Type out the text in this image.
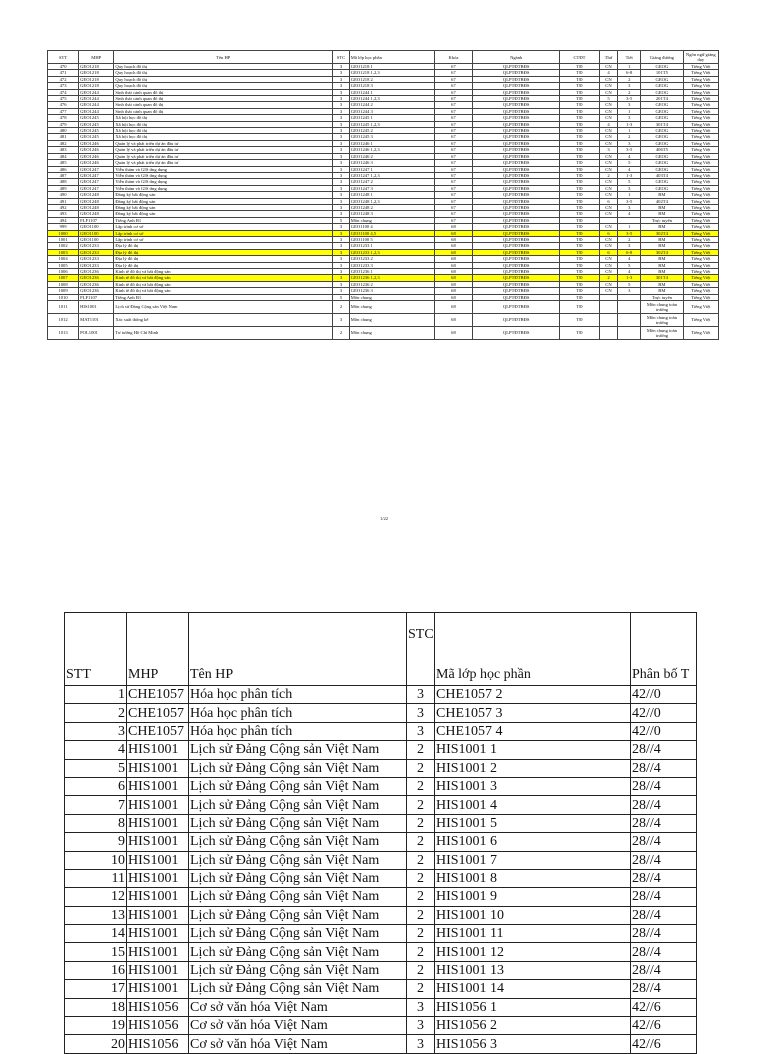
STT	MHP	Tên HP	STC	Mã lớp học phần	Khóa	Ngành	CTĐT	Thứ	Tiết	Giảng đường	Ngôn ngữ giảng dạy
470	GEO1218	Quy hoạch đô thị	3	GEO1218 1	67	QLPTĐTBĐS	TĐ	CN	1	GEOG	Tiếng Việt
471	GEO1218	Quy hoạch đô thị	3	GEO1218 1,2,3	67	QLPTĐTBĐS	TĐ	4	6-8	101T5	Tiếng Việt
472	GEO1218	Quy hoạch đô thị	3	GEO1218 2	67	QLPTĐTBĐS	TĐ	CN	2	GEOG	Tiếng Việt
473	GEO1218	Quy hoạch đô thị	3	GEO1218 3	67	QLPTĐTBĐS	TĐ	CN	3	GEOG	Tiếng Việt
474	GEO1244	Sinh thái cảnh quan đô thị	3	GEO1244 1	67	QLPTĐTBĐS	TĐ	CN	2	GEOG	Tiếng Việt
475	GEO1244	Sinh thái cảnh quan đô thị	3	GEO1244 1,2,3	67	QLPTĐTBĐS	TĐ	5	3-5	201T4	Tiếng Việt
476	GEO1244	Sinh thái cảnh quan đô thị	3	GEO1244 2	67	QLPTĐTBĐS	TĐ	CN	3	GEOG	Tiếng Việt
477	GEO1244	Sinh thái cảnh quan đô thị	3	GEO1244 3	67	QLPTĐTBĐS	TĐ	CN	1	GEOG	Tiếng Việt
478	GEO1245	Xã hội học đô thị	3	GEO1245 1	67	QLPTĐTBĐS	TĐ	CN	3	GEOG	Tiếng Việt
479	GEO1245	Xã hội học đô thị	3	GEO1245 1,2,3	67	QLPTĐTBĐS	TĐ	4	1-3	301T4	Tiếng Việt
480	GEO1245	Xã hội học đô thị	3	GEO1245 2	67	QLPTĐTBĐS	TĐ	CN	1	GEOG	Tiếng Việt
481	GEO1245	Xã hội học đô thị	3	GEO1245 3	67	QLPTĐTBĐS	TĐ	CN	2	GEOG	Tiếng Việt
482	GEO1246	Quản lý và phát triển dự án đầu tư	3	GEO1246 1	67	QLPTĐTBĐS	TĐ	CN	3	GEOG	Tiếng Việt
483	GEO1246	Quản lý và phát triển dự án đầu tư	3	GEO1246 1,2,3	67	QLPTĐTBĐS	TĐ	3	3-5	406T5	Tiếng Việt
484	GEO1246	Quản lý và phát triển dự án đầu tư	3	GEO1246 2	67	QLPTĐTBĐS	TĐ	CN	4	GEOG	Tiếng Việt
485	GEO1246	Quản lý và phát triển dự án đầu tư	3	GEO1246 3	67	QLPTĐTBĐS	TĐ	CN	5	GEOG	Tiếng Việt
486	GEO1247	Viễn thám và GIS ứng dụng	3	GEO1247 1	67	QLPTĐTBĐS	TĐ	CN	4	GEOG	Tiếng Việt
487	GEO1247	Viễn thám và GIS ứng dụng	3	GEO1247 1,2,3	67	QLPTĐTBĐS	TĐ	2	1-3	403T4	Tiếng Việt
488	GEO1247	Viễn thám và GIS ứng dụng	3	GEO1247 2	67	QLPTĐTBĐS	TĐ	CN	5	GEOG	Tiếng Việt
489	GEO1247	Viễn thám và GIS ứng dụng	3	GEO1247 3	67	QLPTĐTBĐS	TĐ	CN	3	GEOG	Tiếng Việt
490	GEO1248	Đăng ký bất động sản	3	GEO1248 1	67	QLPTĐTBĐS	TĐ	CN	1	BM	Tiếng Việt
491	GEO1248	Đăng ký bất động sản	3	GEO1248 1,2,3	67	QLPTĐTBĐS	TĐ	6	3-5	402T4	Tiếng Việt
492	GEO1248	Đăng ký bất động sản	3	GEO1248 2	67	QLPTĐTBĐS	TĐ	CN	3	BM	Tiếng Việt
493	GEO1248	Đăng ký bất động sản	3	GEO1248 3	67	QLPTĐTBĐS	TĐ	CN	4	BM	Tiếng Việt
494	FLF1107	Tiếng Anh B1	5	Môn chung	67	QLPTĐTBĐS	TĐ			Trực tuyến	Tiếng Việt
999	GEO1100	Lập trình cơ sở	3	GEO1100 4	68	QLPTĐTBĐS	TĐ	CN	1	BM	Tiếng Việt
1000	GEO1100	Lập trình cơ sở	3	GEO1100 4,5	68	QLPTĐTBĐS	TĐ	6	3-5	302T4	Tiếng Việt
1001	GEO1100	Lập trình cơ sở	3	GEO1100 5	68	QLPTĐTBĐS	TĐ	CN	2	BM	Tiếng Việt
1002	GEO1233	Địa lý đô thị	3	GEO1233 1	68	QLPTĐTBĐS	TĐ	CN	3	BM	Tiếng Việt
1003	GEO1233	Địa lý đô thị	3	GEO1233 1,2,3	68	QLPTĐTBĐS	TĐ	6	6-8	302T4	Tiếng Việt
1004	GEO1233	Địa lý đô thị	3	GEO1233 2	68	QLPTĐTBĐS	TĐ	CN	4	BM	Tiếng Việt
1005	GEO1233	Địa lý đô thị	3	GEO1233 3	68	QLPTĐTBĐS	TĐ	CN	5	BM	Tiếng Việt
1006	GEO1236	Kinh tế đô thị và bất động sản	3	GEO1236 1	68	QLPTĐTBĐS	TĐ	CN	4	BM	Tiếng Việt
1007	GEO1236	Kinh tế đô thị và bất động sản	3	GEO1236 1,2,3	68	QLPTĐTBĐS	TĐ	2	1-3	301T4	Tiếng Việt
1008	GEO1236	Kinh tế đô thị và bất động sản	3	GEO1236 2	68	QLPTĐTBĐS	TĐ	CN	5	BM	Tiếng Việt
1009	GEO1236	Kinh tế đô thị và bất động sản	3	GEO1236 3	68	QLPTĐTBĐS	TĐ	CN	3	BM	Tiếng Việt
1010	FLF1107	Tiếng Anh B1	5	Môn chung	68	QLPTĐTBĐS	TĐ			Trực tuyến	Tiếng Việt
1011	HIS1001	Lịch sử Đảng Cộng sản Việt Nam	2	Môn chung	68	QLPTĐTBĐS	TĐ			Môn chung toàn trường	Tiếng Việt
1012	MAT1101	Xác suất thống kê	3	Môn chung	68	QLPTĐTBĐS	TĐ			Môn chung toàn trường	Tiếng Việt
1013	POL1001	Tư tưởng Hồ Chí Minh	2	Môn chung	68	QLPTĐTBĐS	TĐ			Môn chung toàn trường	Tiếng Việt
1/22
STT	MHP	Tên HP	STC	Mã lớp học phần	Phân bố T
1	CHE1057	Hóa học phân tích	3	CHE1057 2	42//0
2	CHE1057	Hóa học phân tích	3	CHE1057 3	42//0
3	CHE1057	Hóa học phân tích	3	CHE1057 4	42//0
4	HIS1001	Lịch sử Đảng Cộng sản Việt Nam	2	HIS1001 1	28//4
5	HIS1001	Lịch sử Đảng Cộng sản Việt Nam	2	HIS1001 2	28//4
6	HIS1001	Lịch sử Đảng Cộng sản Việt Nam	2	HIS1001 3	28//4
7	HIS1001	Lịch sử Đảng Cộng sản Việt Nam	2	HIS1001 4	28//4
8	HIS1001	Lịch sử Đảng Cộng sản Việt Nam	2	HIS1001 5	28//4
9	HIS1001	Lịch sử Đảng Cộng sản Việt Nam	2	HIS1001 6	28//4
10	HIS1001	Lịch sử Đảng Cộng sản Việt Nam	2	HIS1001 7	28//4
11	HIS1001	Lịch sử Đảng Cộng sản Việt Nam	2	HIS1001 8	28//4
12	HIS1001	Lịch sử Đảng Cộng sản Việt Nam	2	HIS1001 9	28//4
13	HIS1001	Lịch sử Đảng Cộng sản Việt Nam	2	HIS1001 10	28//4
14	HIS1001	Lịch sử Đảng Cộng sản Việt Nam	2	HIS1001 11	28//4
15	HIS1001	Lịch sử Đảng Cộng sản Việt Nam	2	HIS1001 12	28//4
16	HIS1001	Lịch sử Đảng Cộng sản Việt Nam	2	HIS1001 13	28//4
17	HIS1001	Lịch sử Đảng Cộng sản Việt Nam	2	HIS1001 14	28//4
18	HIS1056	Cơ sở văn hóa Việt Nam	3	HIS1056 1	42//6
19	HIS1056	Cơ sở văn hóa Việt Nam	3	HIS1056 2	42//6
20	HIS1056	Cơ sở văn hóa Việt Nam	3	HIS1056 3	42//6
